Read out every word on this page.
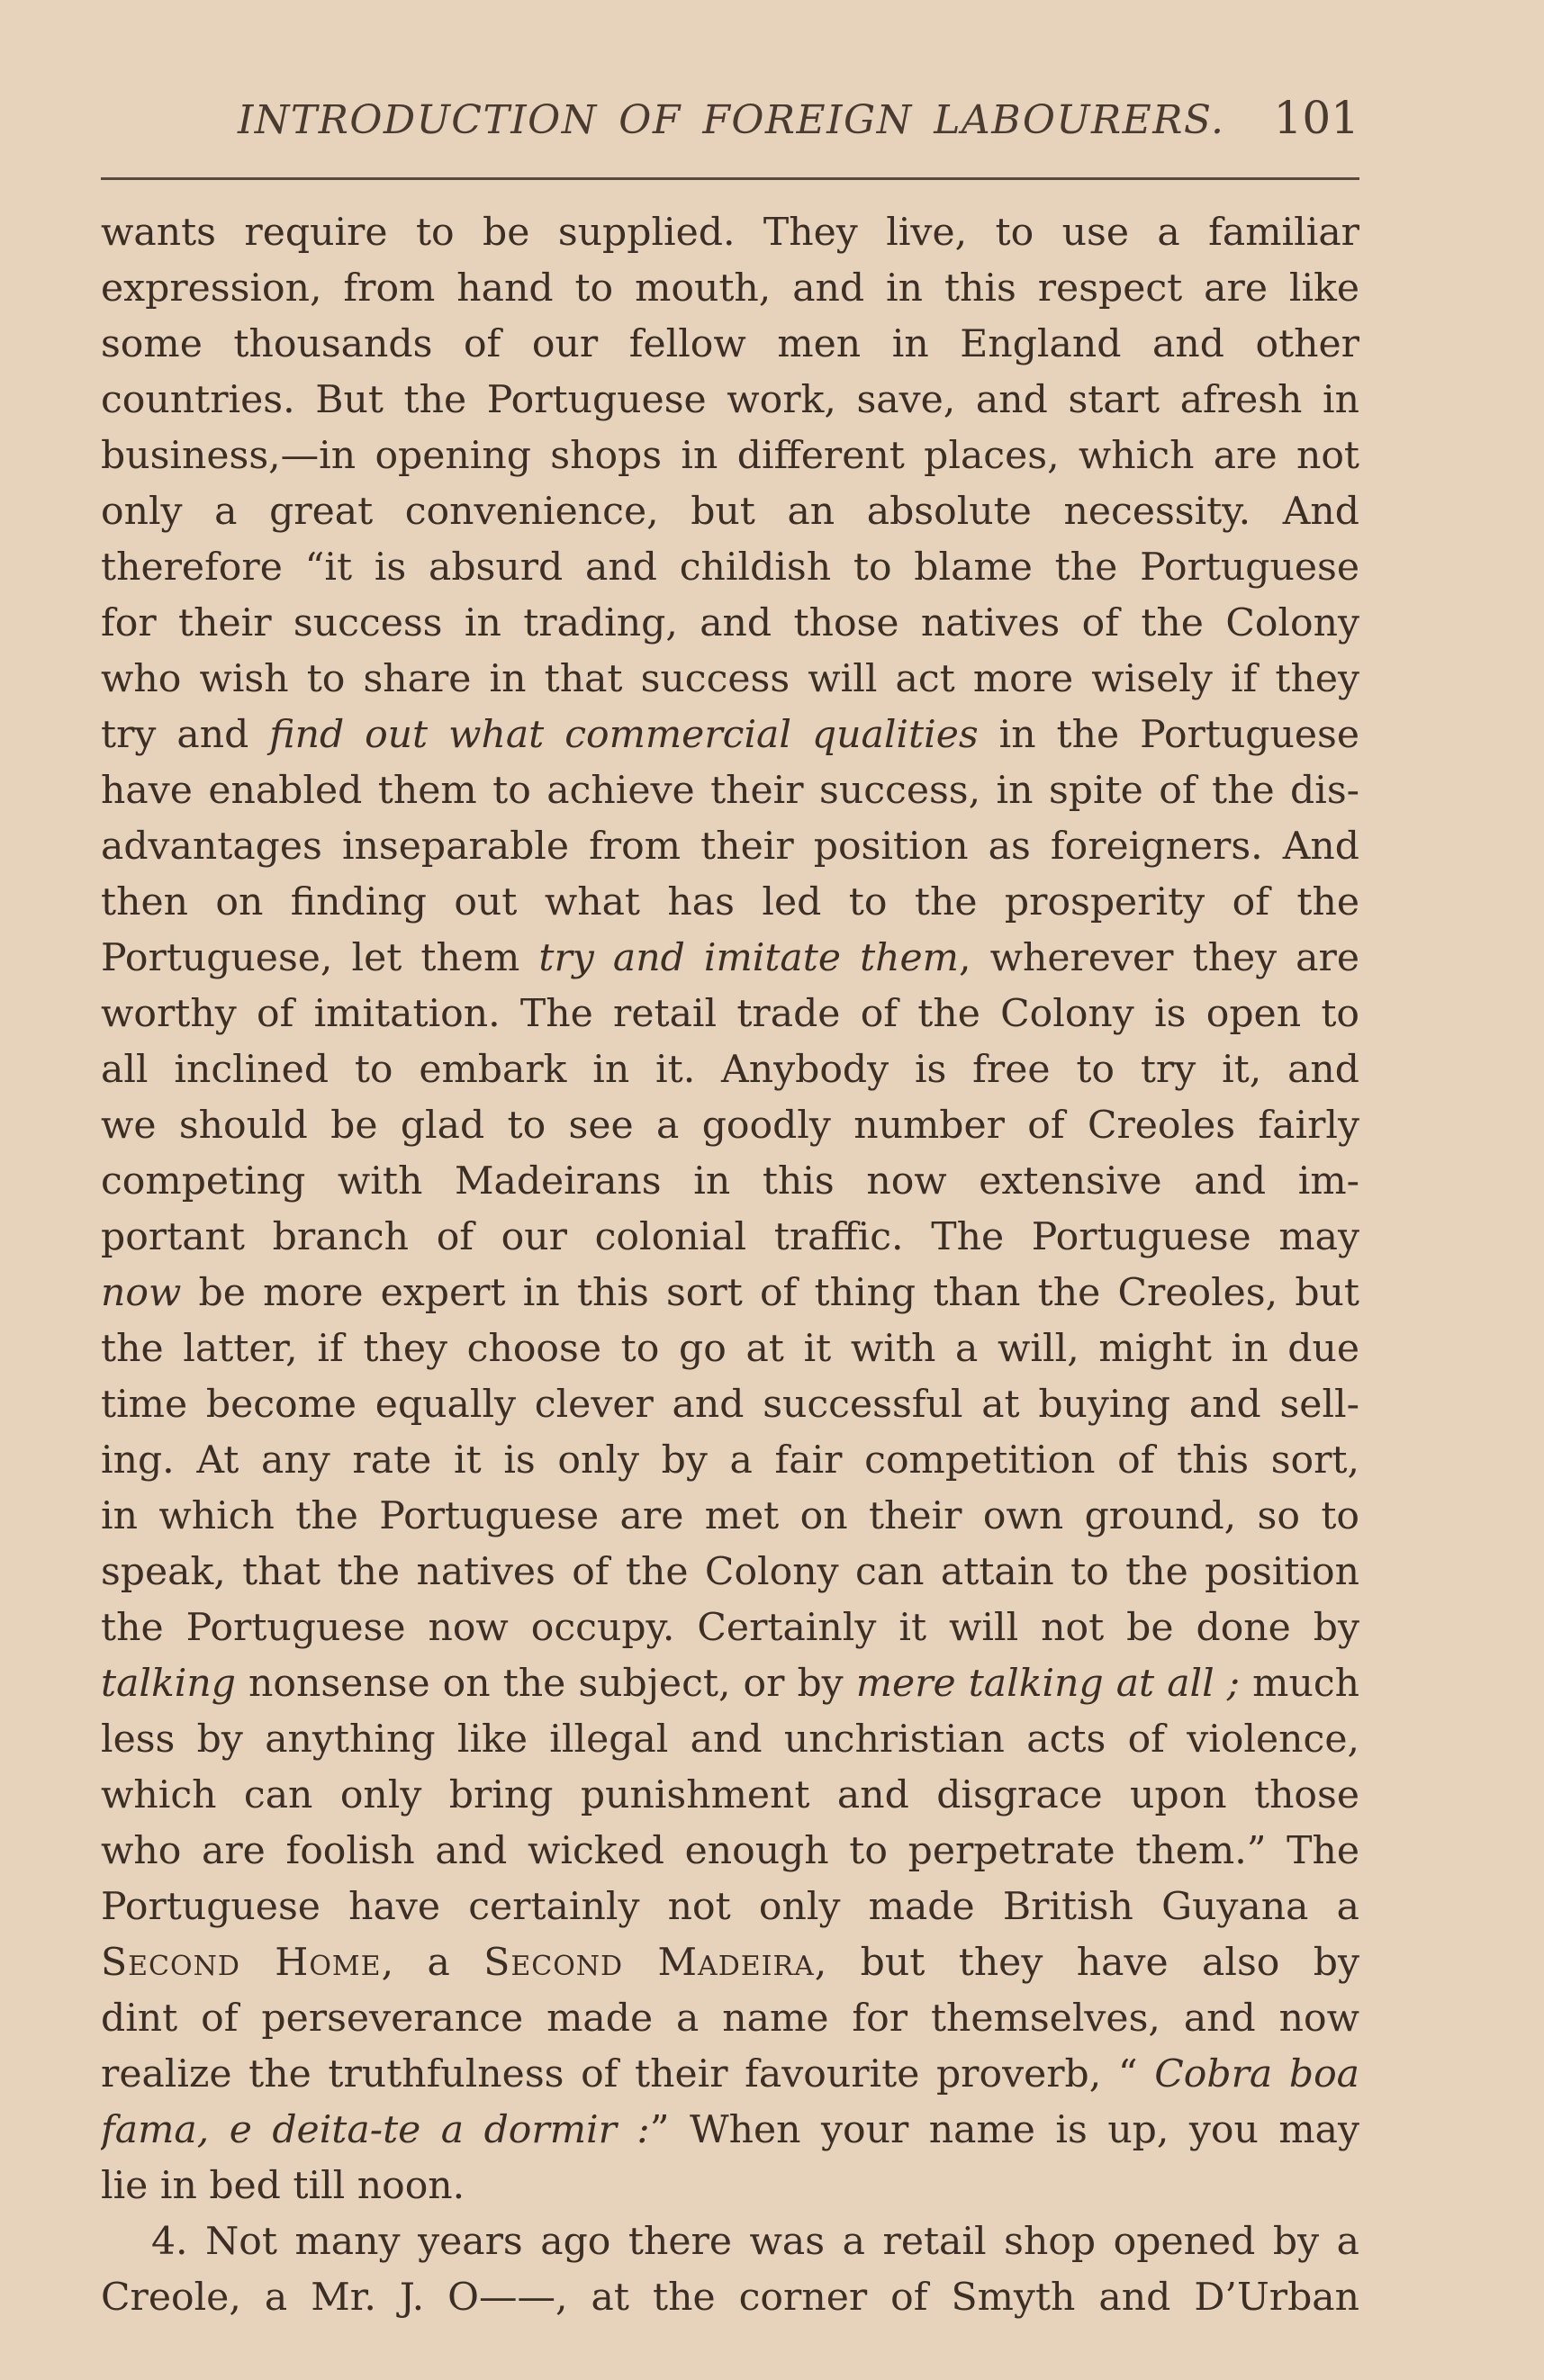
INTRODUCTION OF FOREIGN LABOURERS. 101
wants require to be supplied. They live, to use a familiar
expression, from hand to mouth, and in this respect are like
some thousands of our fellow men in England and other
countries. But the Portuguese work, save, and start afresh in
business,—in opening shops in different places, which are not
only a great convenience, but an absolute necessity. And
therefore “it is absurd and childish to blame the Portuguese
for their success in trading, and those natives of the Colony
who wish to share in that success will act more wisely if they
try and find out what commercial qualities in the Portuguese
have enabled them to achieve their success, in spite of the dis-
advantages inseparable from their position as foreigners. And
then on finding out what has led to the prosperity of the
Portuguese, let them try and imitate them, wherever they are
worthy of imitation. The retail trade of the Colony is open to
all inclined to embark in it. Anybody is free to try it, and
we should be glad to see a goodly number of Creoles fairly
competing with Madeirans in this now extensive and im-
portant branch of our colonial traffic. The Portuguese may
now be more expert in this sort of thing than the Creoles, but
the latter, if they choose to go at it with a will, might in due
time become equally clever and successful at buying and sell-
ing. At any rate it is only by a fair competition of this sort,
in which the Portuguese are met on their own ground, so to
speak, that the natives of the Colony can attain to the position
the Portuguese now occupy. Certainly it will not be done by
talking nonsense on the subject, or by mere talking at all ; much
less by anything like illegal and unchristian acts of violence,
which can only bring punishment and disgrace upon those
who are foolish and wicked enough to perpetrate them.” The
Portuguese have certainly not only made British Guyana a
Second Home, a Second Madeira, but they have also by
dint of perseverance made a name for themselves, and now
realize the truthfulness of their favourite proverb, “ Cobra boa
fama, e deita-te a dormir :” When your name is up, you may
lie in bed till noon.
4. Not many years ago there was a retail shop opened by a
Creole, a Mr. J. O——, at the corner of Smyth and D’Urban
